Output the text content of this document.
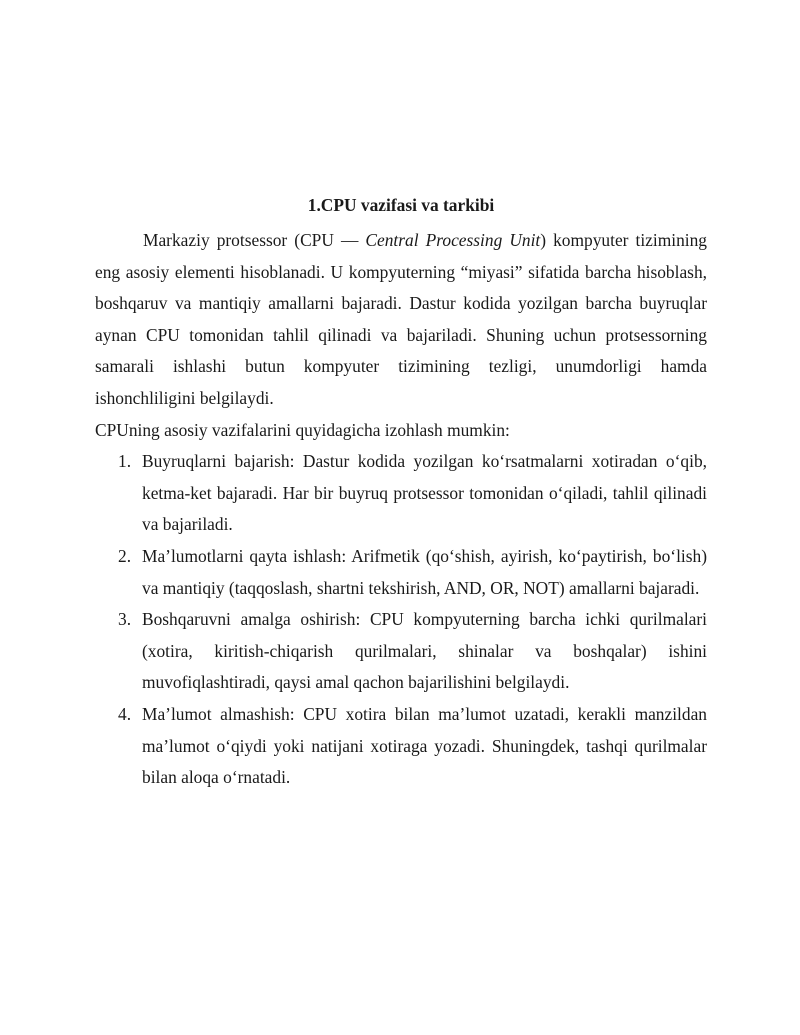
1.CPU vazifasi va tarkibi

Markaziy protsessor (CPU — Central Processing Unit) kompyuter tizimining eng asosiy elementi hisoblanadi. U kompyuterning “miyasi” sifatida barcha hisoblash, boshqaruv va mantiqiy amallarni bajaradi. Dastur kodida yozilgan barcha buyruqlar aynan CPU tomonidan tahlil qilinadi va bajariladi. Shuning uchun protsessorning samarali ishlashi butun kompyuter tizimining tezligi, unumdorligi hamda ishonchliligini belgilaydi.

CPUning asosiy vazifalarini quyidagicha izohlash mumkin:

1. Buyruqlarni bajarish: Dastur kodida yozilgan ko‘rsatmalarni xotiradan o‘qib, ketma-ket bajaradi. Har bir buyruq protsessor tomonidan o‘qiladi, tahlil qilinadi va bajariladi.
2. Ma’lumotlarni qayta ishlash: Arifmetik (qo‘shish, ayirish, ko‘paytirish, bo‘lish) va mantiqiy (taqqoslash, shartni tekshirish, AND, OR, NOT) amallarni bajaradi.
3. Boshqaruvni amalga oshirish: CPU kompyuterning barcha ichki qurilmalari (xotira, kiritish-chiqarish qurilmalari, shinalar va boshqalar) ishini muvofiqlashtiradi, qaysi amal qachon bajarilishini belgilaydi.
4. Ma’lumot almashish: CPU xotira bilan ma’lumot uzatadi, kerakli manzildan ma’lumot o‘qiydi yoki natijani xotiraga yozadi. Shuningdek, tashqi qurilmalar bilan aloqa o‘rnatadi.
